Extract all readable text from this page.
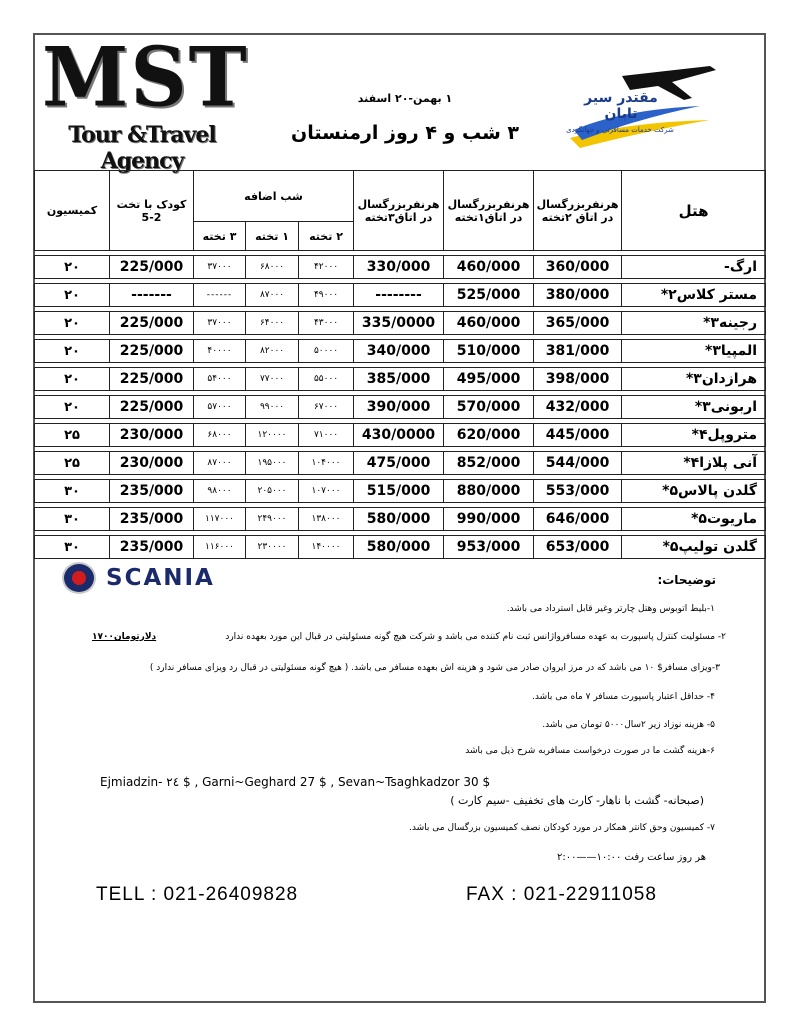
MST
Tour &Travel Agency
۱ بهمن-۲۰ اسفند
۳ شب و ۴ روز ارمنستان
مقتدر سیر تابان
شرکت خدمات مسافرتی و جهانگردی
هتل	هرنفربزرگسال در اتاق ۲تخته	هرنفربزرگسال در اتاق۱تخته	هرنفربزرگسال در اتاق۳تخته	شب اضافه			کودک با تخت 2-5	کمیسیون
				۲ تخته	۱ تخته	۳ تخته		

ارگ-	360/000	460/000	330/000	۴۲۰۰۰	۶۸۰۰۰	۳۷۰۰۰	225/000	۲۰

مستر کلاس۲*	380/000	525/000	--------	۴۹۰۰۰	۸۷۰۰۰	------	-------	۲۰

رجینه۳*	365/000	460/000	335/0000	۴۳۰۰۰	۶۴۰۰۰	۳۷۰۰۰	225/000	۲۰

المپیا۳*	381/000	510/000	340/000	۵۰۰۰۰	۸۲۰۰۰	۴۰۰۰۰	225/000	۲۰

هرازدان۳*	398/000	495/000	385/000	۵۵۰۰۰	۷۷۰۰۰	۵۴۰۰۰	225/000	۲۰

اربونی۳*	432/000	570/000	390/000	۶۷۰۰۰	۹۹۰۰۰	۵۷۰۰۰	225/000	۲۰

متروپل۴*	445/000	620/000	430/0000	۷۱۰۰۰	۱۲۰۰۰۰	۶۸۰۰۰	230/000	۲۵

آنی پلازا۴*	544/000	852/000	475/000	۱۰۴۰۰۰	۱۹۵۰۰۰	۸۷۰۰۰	230/000	۲۵

گلدن پالاس۵*	553/000	880/000	515/000	۱۰۷۰۰۰	۲۰۵۰۰۰	۹۸۰۰۰	235/000	۳۰

ماریوت۵*	646/000	990/000	580/000	۱۳۸۰۰۰	۲۴۹۰۰۰	۱۱۷۰۰۰	235/000	۳۰

گلدن تولیپ۵*	653/000	953/000	580/000	۱۴۰۰۰۰	۲۳۰۰۰۰	۱۱۶۰۰۰	235/000	۳۰
SCANIA	توضیحات:
۱-بلیط اتوبوس وهتل چارتر وغیر قابل استرداد می باشد.
۲- مسئولیت کنترل پاسپورت به عهده مسافرواژانس ثبت نام کننده می باشد و شرکت هیچ گونه مسئولیتی در قبال این مورد بعهده ندارد
دلارتومان۱۷۰۰
۳-ویزای مسافر$ ۱۰ می باشد که در مرز ایروان صادر می شود و هزینه اش بعهده مسافر می باشد. ( هیچ گونه مسئولیتی در قبال رد ویزای مسافر ندارد )
۴- حداقل اعتبار پاسپورت مسافر ۷ ماه می باشد.
۵- هزینه نوزاد زیر ۲سال۵۰۰۰ تومان می باشد.
۶-هزینه گشت ما در صورت درخواست مسافربه شرح ذیل می باشد
Ejmiadzin- ۲٤ $ , Garni~Geghard 27 $ , Sevan~Tsaghkadzor 30 $
(صبحانه- گشت با ناهار- کارت های تخفیف -سیم کارت )
۷- کمیسیون وحق کانتر همکار در مورد کودکان نصف کمیسیون بزرگسال می باشد.
هر روز ساعت رفت ۱۰:۰۰——۲:۰۰
TELL : 021-26409828	FAX : 021-22911058
